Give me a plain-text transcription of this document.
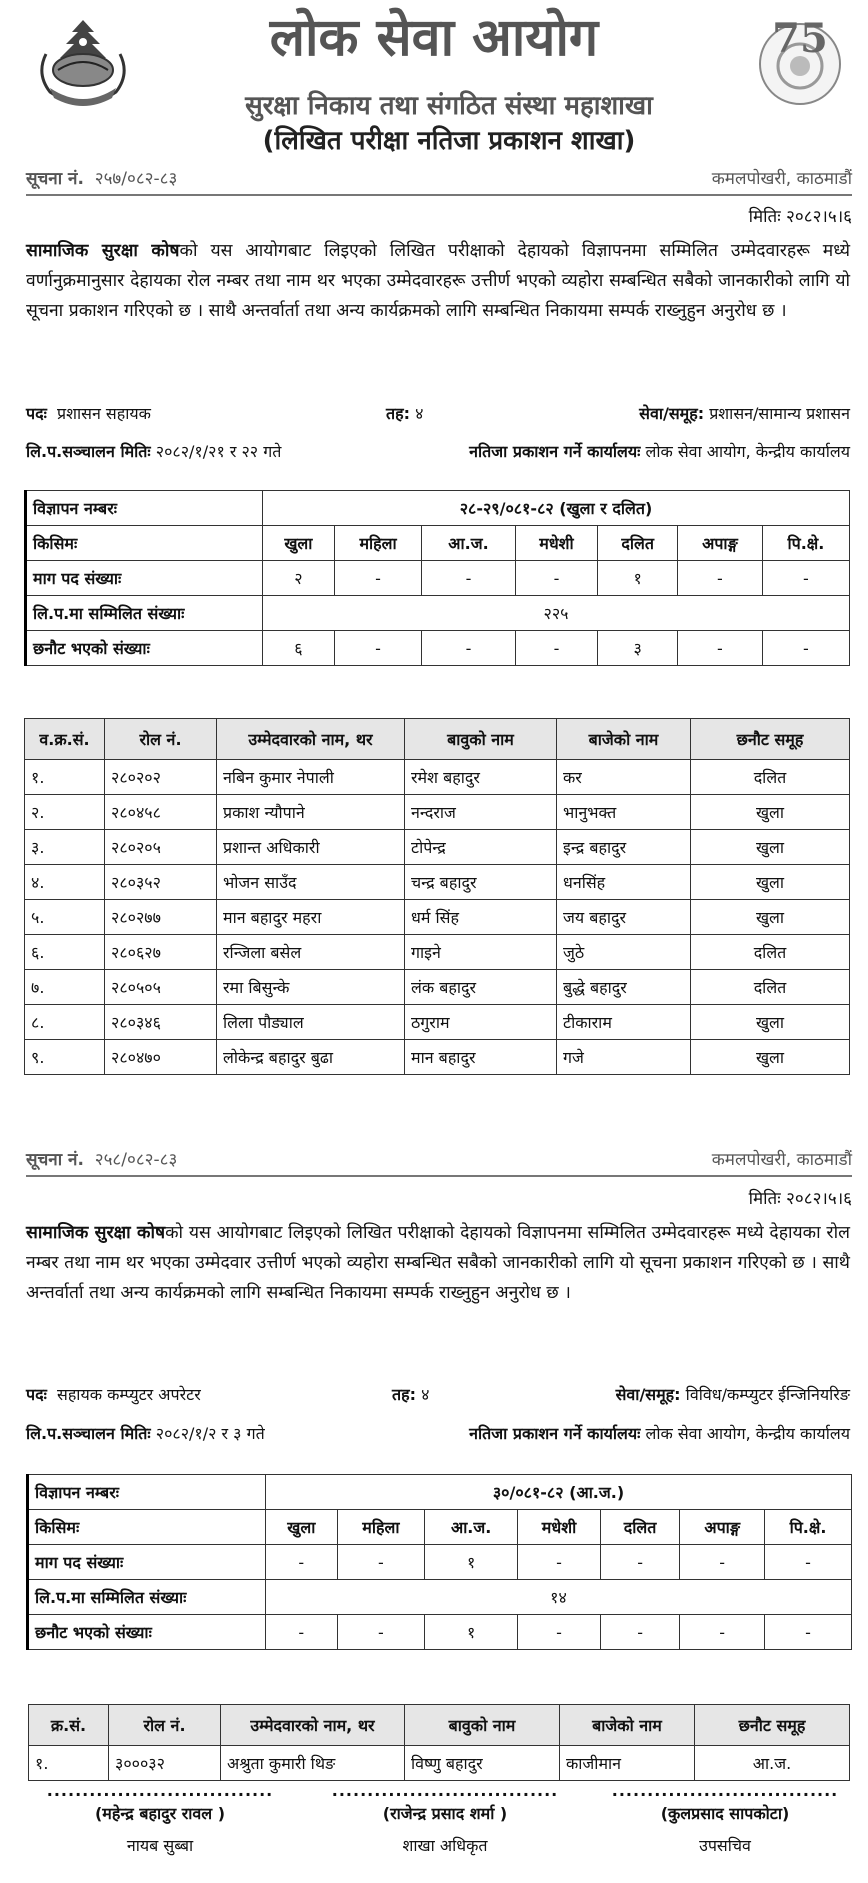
लोक सेवा आयोग
सुरक्षा निकाय तथा संगठित संस्था महाशाखा
(लिखित परीक्षा नतिजा प्रकाशन शाखा)
75
सूचना नं. २५७/०८२-८३	कमलपोखरी, काठमाडौं
मितिः २०८२।५।६
सामाजिक सुरक्षा कोषको यस आयोगबाट लिइएको लिखित परीक्षाको देहायको विज्ञापनमा सम्मिलित उम्मेदवारहरू मध्ये वर्णानुक्रमानुसार देहायका रोल नम्बर तथा नाम थर भएका उम्मेदवारहरू उत्तीर्ण भएको व्यहोरा सम्बन्धित सबैको जानकारीको लागि यो सूचना प्रकाशन गरिएको छ । साथै अन्तर्वार्ता तथा अन्य कार्यक्रमको लागि सम्बन्धित निकायमा सम्पर्क राख्नुहुन अनुरोध छ ।
पदः प्रशासन सहायक	तह: ४	सेवा/समूह: प्रशासन/सामान्य प्रशासन
लि.प.सञ्चालन मितिः २०८२/१/२१ र २२ गते	नतिजा प्रकाशन गर्ने कार्यालयः लोक सेवा आयोग, केन्द्रीय कार्यालय
विज्ञापन नम्बरः	२८-२९/०८१-८२ (खुला र दलित)						
किसिमः	खुला	महिला	आ.ज.	मधेशी	दलित	अपाङ्ग	पि.क्षे.
माग पद संख्याः	२	-	-	-	१	-	-
लि.प.मा सम्मिलित संख्याः	२२५						
छनौट भएको संख्याः	६	-	-	-	३	-	-
व.क्र.सं.	रोल नं.	उम्मेदवारको नाम, थर	बावुको नाम	बाजेको नाम	छनौट समूह
१.	२८०२०२	नबिन कुमार नेपाली	रमेश बहादुर	कर	दलित
२.	२८०४५८	प्रकाश न्यौपाने	नन्दराज	भानुभक्त	खुला
३.	२८०२०५	प्रशान्त अधिकारी	टोपेन्द्र	इन्द्र बहादुर	खुला
४.	२८०३५२	भोजन साउँद	चन्द्र बहादुर	धनसिंह	खुला
५.	२८०२७७	मान बहादुर महरा	धर्म सिंह	जय बहादुर	खुला
६.	२८०६२७	रन्जिला बसेल	गाइने	जुठे	दलित
७.	२८०५०५	रमा बिसुन्के	लंक बहादुर	बुद्धे बहादुर	दलित
८.	२८०३४६	लिला पौड्याल	ठगुराम	टीकाराम	खुला
९.	२८०४७०	लोकेन्द्र बहादुर बुढा	मान बहादुर	गजे	खुला
सूचना नं. २५८/०८२-८३	कमलपोखरी, काठमाडौं
मितिः २०८२।५।६
सामाजिक सुरक्षा कोषको यस आयोगबाट लिइएको लिखित परीक्षाको देहायको विज्ञापनमा सम्मिलित उम्मेदवारहरू मध्ये देहायका रोल नम्बर तथा नाम थर भएका उम्मेदवार उत्तीर्ण भएको व्यहोरा सम्बन्धित सबैको जानकारीको लागि यो सूचना प्रकाशन गरिएको छ । साथै अन्तर्वार्ता तथा अन्य कार्यक्रमको लागि सम्बन्धित निकायमा सम्पर्क राख्नुहुन अनुरोध छ ।
पदः सहायक कम्प्युटर अपरेटर	तह: ४	सेवा/समूह: विविध/कम्प्युटर ईन्जिनियरिङ
लि.प.सञ्चालन मितिः २०८२/१/२ र ३ गते	नतिजा प्रकाशन गर्ने कार्यालयः लोक सेवा आयोग, केन्द्रीय कार्यालय
विज्ञापन नम्बरः	३०/०८१-८२ (आ.ज.)						
किसिमः	खुला	महिला	आ.ज.	मधेशी	दलित	अपाङ्ग	पि.क्षे.
माग पद संख्याः	-	-	१	-	-	-	-
लि.प.मा सम्मिलित संख्याः	१४						
छनौट भएको संख्याः	-	-	१	-	-	-	-
क्र.सं.	रोल नं.	उम्मेदवारको नाम, थर	बावुको नाम	बाजेको नाम	छनौट समूह
१.	३०००३२	अश्रुता कुमारी थिङ	विष्णु बहादुर	काजीमान	आ.ज.
................................
(महेन्द्र बहादुर रावल )
नायब सुब्बा
................................
(राजेन्द्र प्रसाद शर्मा )
शाखा अधिकृत
................................
(कुलप्रसाद सापकोटा)
उपसचिव
